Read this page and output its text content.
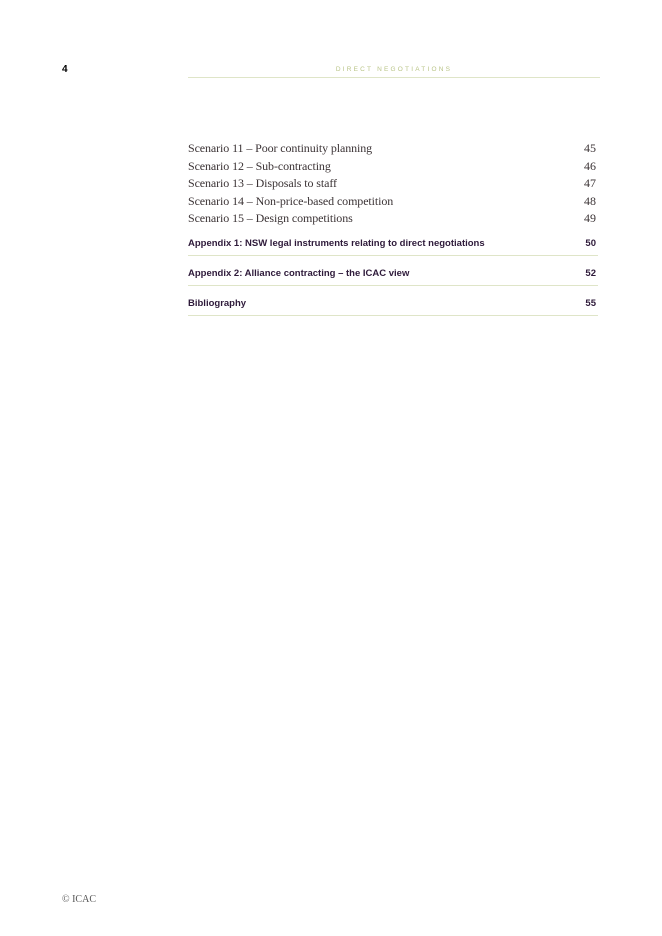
4	DIRECT NEGOTIATIONS
Scenario 11 – Poor continuity planning	45
Scenario 12 – Sub-contracting	46
Scenario 13 – Disposals to staff	47
Scenario 14 – Non-price-based competition	48
Scenario 15 – Design competitions	49
Appendix 1: NSW legal instruments relating to direct negotiations	50
Appendix 2: Alliance contracting – the ICAC view	52
Bibliography	55
© ICAC
